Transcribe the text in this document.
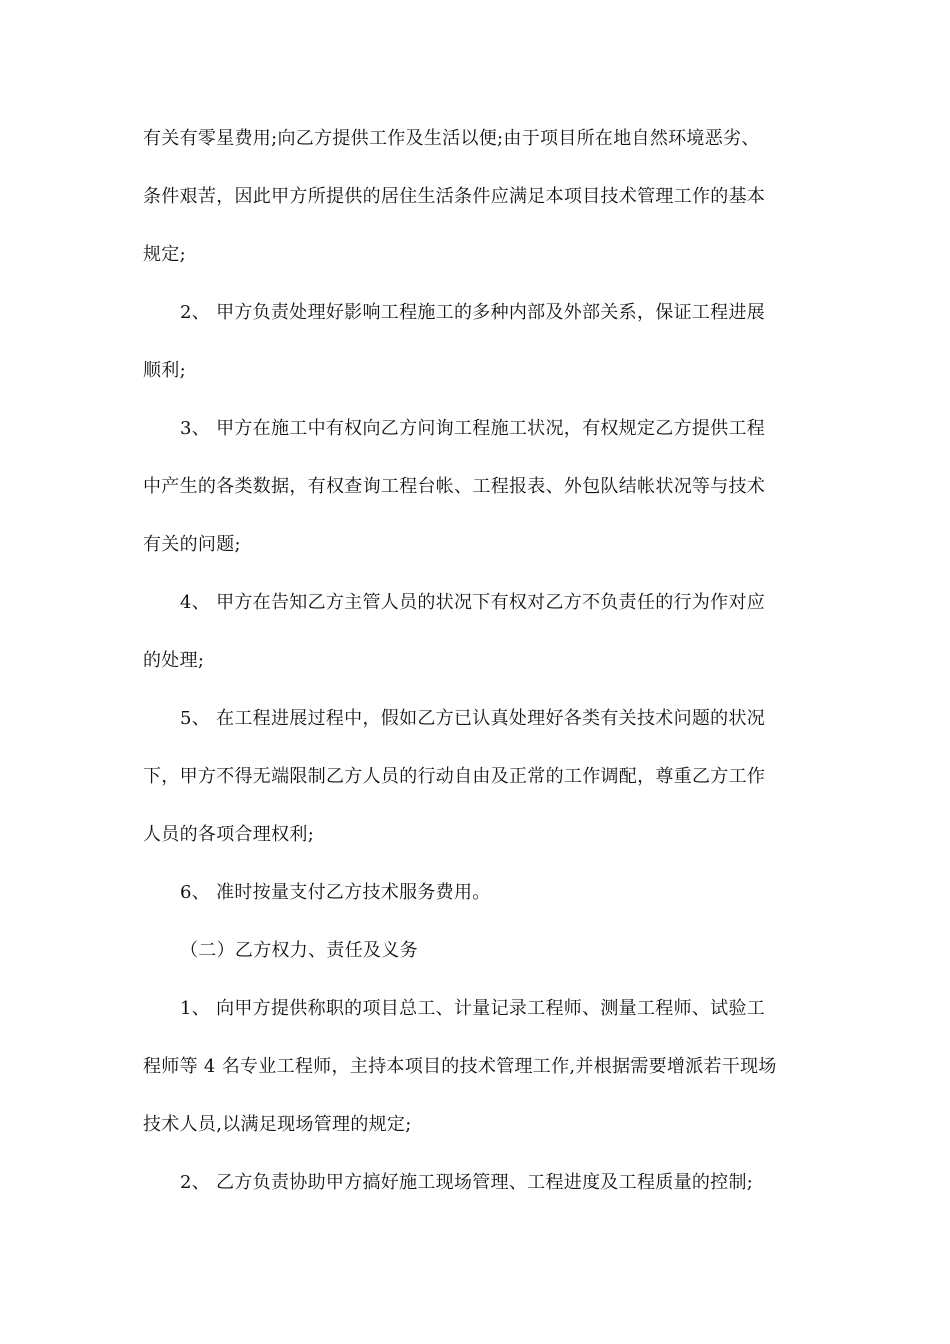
有关有零星费用;向乙方提供工作及生活以便;由于项目所在地自然环境恶劣、
条件艰苦，因此甲方所提供的居住生活条件应满足本项目技术管理工作的基本
规定;
2、 甲方负责处理好影响工程施工的多种内部及外部关系，保证工程进展
顺利;
3、 甲方在施工中有权向乙方问询工程施工状况，有权规定乙方提供工程
中产生的各类数据，有权查询工程台帐、工程报表、外包队结帐状况等与技术
有关的问题;
4、 甲方在告知乙方主管人员的状况下有权对乙方不负责任的行为作对应
的处理;
5、 在工程进展过程中，假如乙方已认真处理好各类有关技术问题的状况
下，甲方不得无端限制乙方人员的行动自由及正常的工作调配，尊重乙方工作
人员的各项合理权利;
6、 准时按量支付乙方技术服务费用。
（二）乙方权力、责任及义务
1、 向甲方提供称职的项目总工、计量记录工程师、测量工程师、试验工
程师等 4 名专业工程师，主持本项目的技术管理工作,并根据需要增派若干现场
技术人员,以满足现场管理的规定;
2、 乙方负责协助甲方搞好施工现场管理、工程进度及工程质量的控制;
